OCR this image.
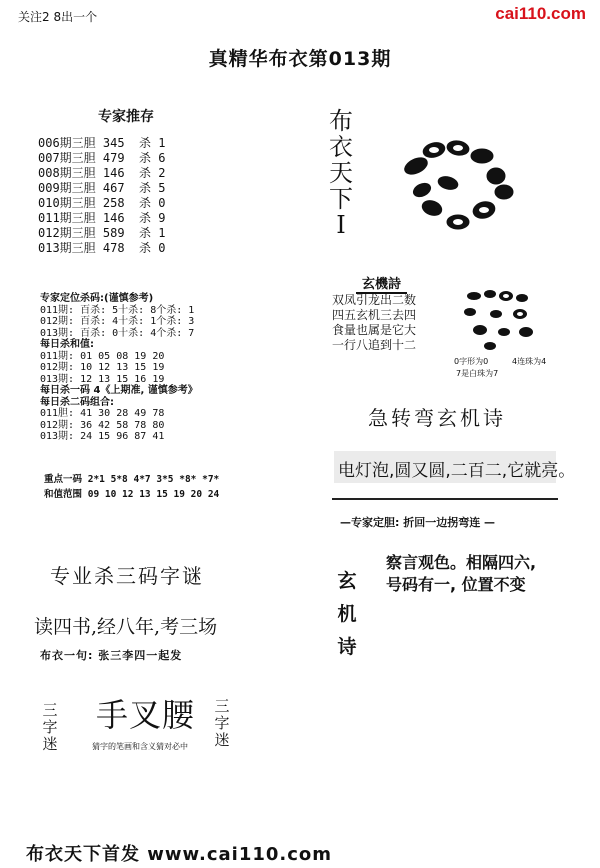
关注2 8出一个	cai110.com
真精华布衣第013期
专家推存
006期三胆 345  杀 1
007期三胆 479  杀 6
008期三胆 146  杀 2
009期三胆 467  杀 5
010期三胆 258  杀 0
011期三胆 146  杀 9
012期三胆 589  杀 1
013期三胆 478  杀 0
专家定位杀码:(谨慎参考)
011期: 百杀: 5十杀: 8个杀: 1
012期: 百杀: 4十杀: 1个杀: 3
013期: 百杀: 0十杀: 4个杀: 7
每日杀和值:
011期: 01 05 08 19 20
012期: 10 12 13 15 19
013期: 12 13 15 16 19
每日杀一码 4《上期准, 谨慎参考》
每日杀二码组合:
011胆: 41 30 28 49 78
012期: 36 42 58 78 80
013期: 24 15 96 87 41
重点一码 2*1 5*8 4*7 3*5 *8* *7*
和值范围 09 10 12 13 15 19 20 24
专业杀三码字谜
读四书,经八年,考三场
布衣一句: 张三李四一起发
三字迷
手叉腰
猜字的笔画和含义猜对必中
三字迷
布衣天下I
玄機詩
双凤引龙出二数
四五玄机三去四
食量也属是它大
一行八追到十二
0字形为0	4连珠为4
7是白珠为7
急转弯玄机诗
电灯泡,圆又圆,二百二,它就亮。
—专家定胆: 折回一边拐弯连 —
玄机诗
察言观色。相隔四六,
号码有一, 位置不变
布衣天下首发 www.cai110.com
